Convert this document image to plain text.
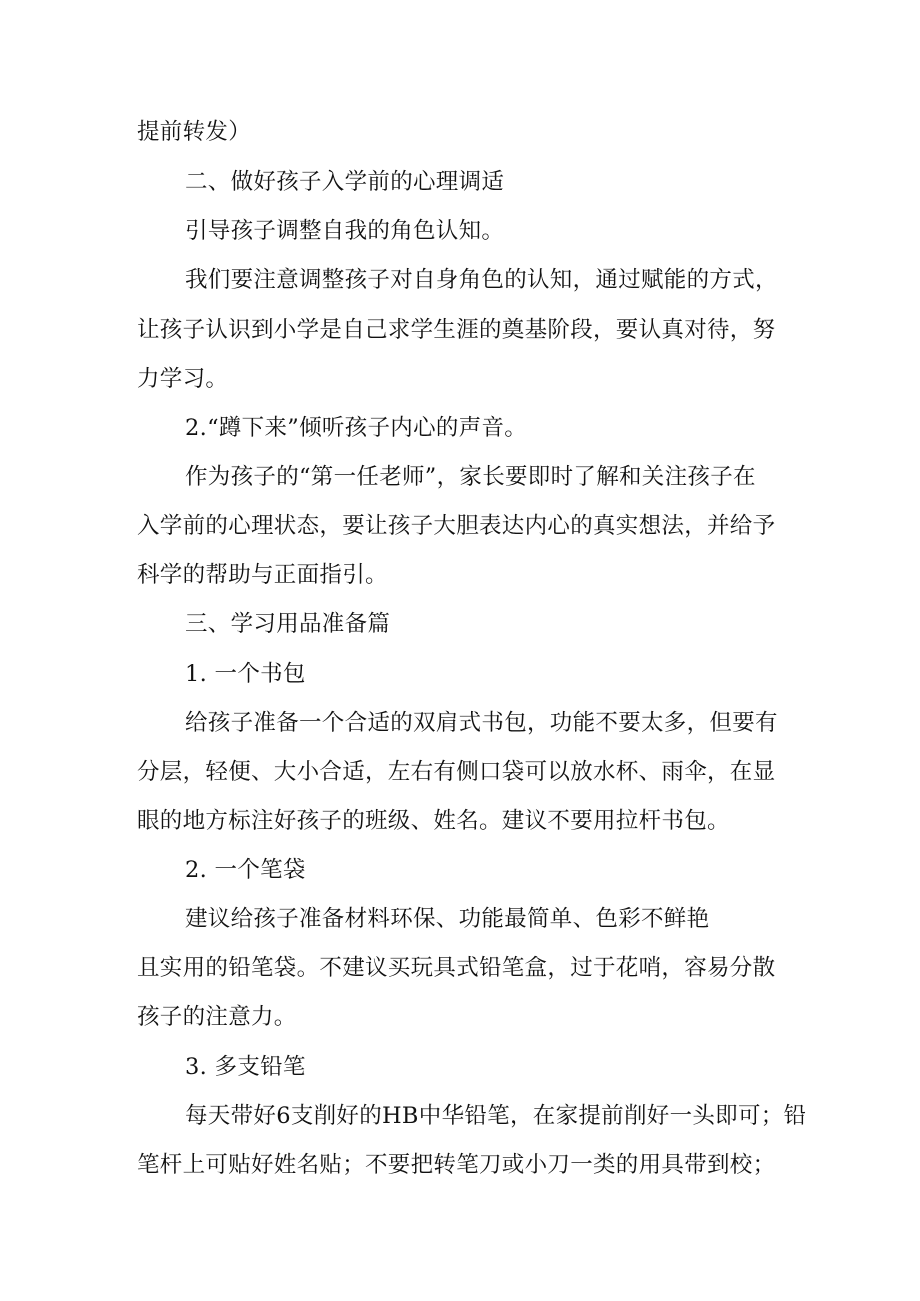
提前转发）
二、做好孩子入学前的心理调适
引导孩子调整自我的角色认知。
我们要注意调整孩子对自身角色的认知，通过赋能的方式，
让孩子认识到小学是自己求学生涯的奠基阶段，要认真对待，努
力学习。
2.“蹲下来”倾听孩子内心的声音。
作为孩子的“第一任老师”，家长要即时了解和关注孩子在
入学前的心理状态，要让孩子大胆表达内心的真实想法，并给予
科学的帮助与正面指引。
三、学习用品准备篇
1. 一个书包
给孩子准备一个合适的双肩式书包，功能不要太多，但要有
分层，轻便、大小合适，左右有侧口袋可以放水杯、雨伞，在显
眼的地方标注好孩子的班级、姓名。建议不要用拉杆书包。
2. 一个笔袋
建议给孩子准备材料环保、功能最简单、色彩不鲜艳
且实用的铅笔袋。不建议买玩具式铅笔盒，过于花哨，容易分散
孩子的注意力。
3. 多支铅笔
每天带好6支削好的HB中华铅笔，在家提前削好一头即可；铅
笔杆上可贴好姓名贴；不要把转笔刀或小刀一类的用具带到校；
